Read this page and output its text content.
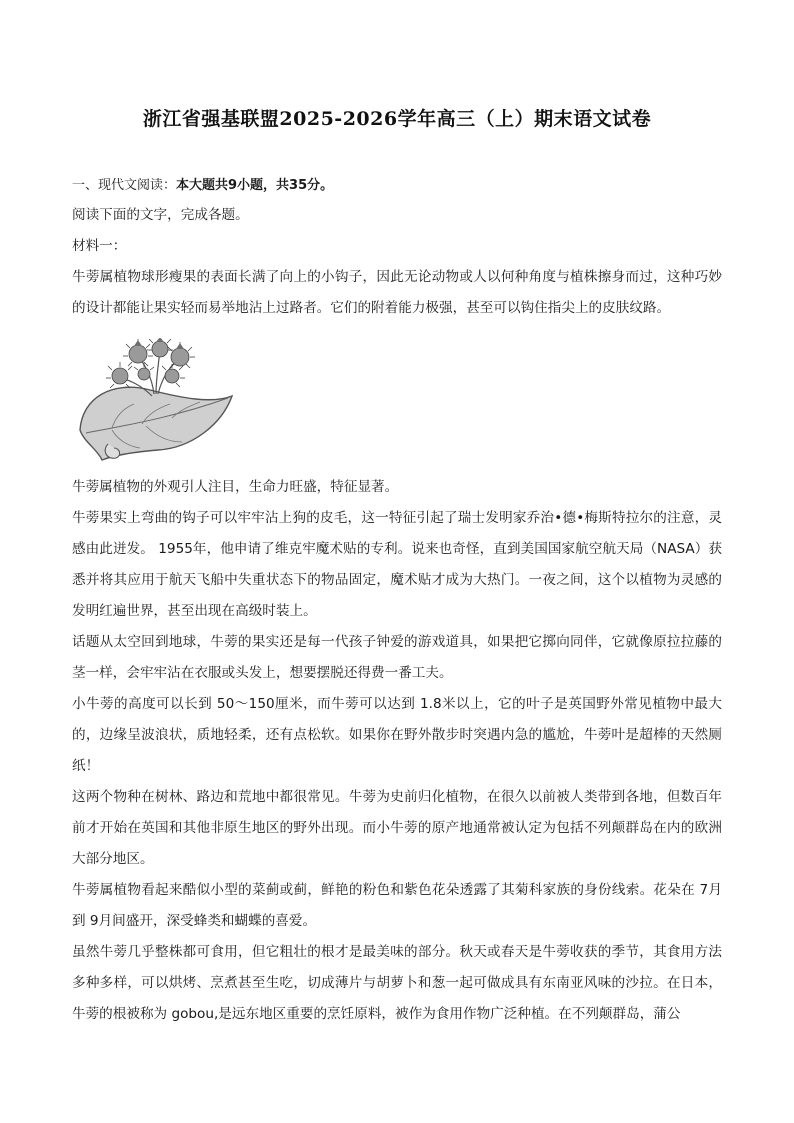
浙江省强基联盟2025-2026学年高三（上）期末语文试卷

一、现代文阅读：本大题共9小题，共35分。

阅读下面的文字，完成各题。

材料一：

牛蒡属植物球形瘦果的表面长满了向上的小钩子，因此无论动物或人以何种角度与植株擦身而过，这种巧妙的设计都能让果实轻而易举地沾上过路者。它们的附着能力极强，甚至可以钩住指尖上的皮肤纹路。

牛蒡属植物的外观引人注目，生命力旺盛，特征显著。

牛蒡果实上弯曲的钩子可以牢牢沾上狗的皮毛，这一特征引起了瑞士发明家乔治•德•梅斯特拉尔的注意，灵感由此迸发。 1955年，他申请了维克牢魔术贴的专利。说来也奇怪，直到美国国家航空航天局（NASA）获悉并将其应用于航天飞船中失重状态下的物品固定，魔术贴才成为大热门。一夜之间，这个以植物为灵感的发明红遍世界，甚至出现在高级时装上。

话题从太空回到地球，牛蒡的果实还是每一代孩子钟爱的游戏道具，如果把它掷向同伴，它就像原拉拉藤的茎一样，会牢牢沾在衣服或头发上，想要摆脱还得费一番工夫。

小牛蒡的高度可以长到 50～150厘米，而牛蒡可以达到 1.8米以上，它的叶子是英国野外常见植物中最大的，边缘呈波浪状，质地轻柔，还有点松软。如果你在野外散步时突遇内急的尴尬，牛蒡叶是超棒的天然厕纸！

这两个物种在树林、路边和荒地中都很常见。牛蒡为史前归化植物，在很久以前被人类带到各地，但数百年前才开始在英国和其他非原生地区的野外出现。而小牛蒡的原产地通常被认定为包括不列颠群岛在内的欧洲大部分地区。

牛蒡属植物看起来酷似小型的菜蓟或蓟，鲜艳的粉色和紫色花朵透露了其菊科家族的身份线索。花朵在 7月到 9月间盛开，深受蜂类和蝴蝶的喜爱。

虽然牛蒡几乎整株都可食用，但它粗壮的根才是最美味的部分。秋天或春天是牛蒡收获的季节，其食用方法多种多样，可以烘烤、烹煮甚至生吃，切成薄片与胡萝卜和葱一起可做成具有东南亚风味的沙拉。在日本，牛蒡的根被称为 gobou,是远东地区重要的烹饪原料，被作为食用作物广泛种植。在不列颠群岛，蒲公
